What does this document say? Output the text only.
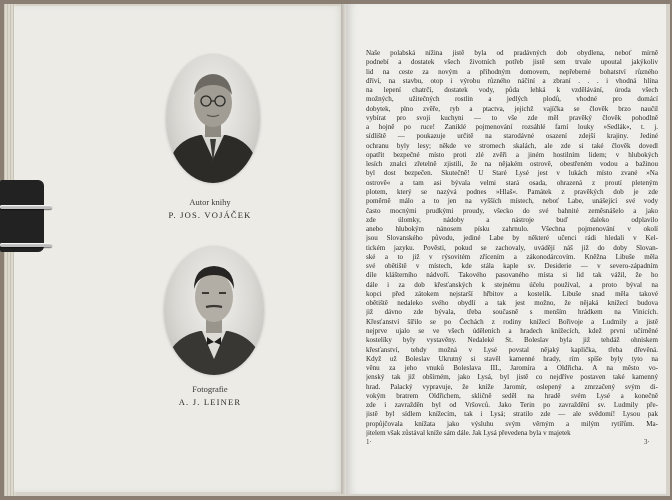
Autor knihy
P. JOS. VOJÁČEK
Fotografie
A. J. LEINER
1·	3·
Naše polabská nížina jistě byla od pradávných dob obydlena, neboť mírně
podnebí a dostatek všech životních potřeb jistě sem trvale upoutal jakýkoliv
lid na ceste za novým a přihodným domovem, nepřeberné bohatství různého
dříví, na stavbu, otop i výrobu různého náčiní a zbraní . . . i vhodná hlína
na lepení chatrčí, dostatek vody, půda lehká k vzdělávání, úroda všech
možných, užitečných rostlin a jedlých plodů, vhodné pro domácí
dobytek, plno zvěře, ryb a ptactva, jejichž vajíčka se člověk brzo naučil
vybírat pro svoji kuchyni — to vše zde měl pravěký člověk pohodlně
a hojně po ruce! Zaniklé pojmenování rozsáhlé farní louky »Sedlák«, t. j.
sídliště — poukazuje určitě na starodávné osazení zdejší krajiny. Jediné
ochranu byly lesy; někde ve stromech skalách, ale zde si také člověk dovedl
opatřit bezpečné místo proti zlé zvěři a jiném hostilním lidem; v hlubokých
lesích znalci zřetelně zjistili, že na nějakém ostrově, obestřeném vodou a bažinou
byl dost bezpečen. Skutečně! U Staré Lysé jest v lukách místo zvané »Na
ostrově« a tam asi bývala velmi stará osada, ohrazená z proutí pleteným
plotem, který se nazývá podnes »Hlaš«. Památek z pravěkých dob je zde
poměrně málo a to jen na vyšších místech, neboť Labe, unášející své vody
často mocnými prudkými proudy, všecko do své bahnité zeměsnášelo a jako
zde úlomky, nádoby a nástroje buď daleko odplavilo
anebo hlubokým nánosem písku zahrnulo. Všechna pojmenování v okolí
jsou Slovanského původu, jediné Labe by některé učenci rádi hledali v Kel-
tickém jazyku. Pověsti, pokud se zachovaly, uvádějí náš již do doby Slovan-
ské a to již v rýsovitém zřícením a zákonodárcovím. Kněžna Libuše měla
své obětiště v místech, kde stála kaple sv. Desiderie — v severo-západním
díle klášterního nádvoří. Takového pasovaného místa si lid tak vážil, že ho
dále i za dob křesťanských k stejnému účelu používal, a proto býval na
kopci před zátokem nejstarší hřbitov a kostelík. Libuše snad měla takové
obětiště nedaleko svého obydlí a tak jest možno, že nějaká knížecí budova
již dávno zde bývala, třeba současně s menším hrádkem na Vinicích.
Křesťanství šířilo se po Čechách z rodiny knížecí Bořivoje a Ludmily a jistě
nejprve ujalo se ve všech úděleních a hradech knížecích, kdež první učírněné
kostelíky byly vystavěny. Nedaleké St. Boleslav byla již tehdáž ohniskem
křesťanství, tehdy možná v Lysé povstal nějaký kaplička, třeba dřevěná.
Když už Boleslav Ukrutný si stavěl kamenné hrady, rím spíše byly tyto na
věnu za jeho vnuků Boleslava III., Jaromíra a Oldřicha. A na město vo-
jenský tak již obšírném, jako Lysá, byl jistě co nejdříve postaven také kamenný
hrad. Palacký vypravuje, že kníže Jaromír, oslepený a zmrzačený svým di-
vokým bratrem Oldřichem, skličně seděl na hradě svém Lysé a konečně
zde i zavražděn byl od Vršovců. Jako Terin po zavraždění sv. Ludmily pře-
jistě byl sídlem knížecím, tak i Lysá; stratilo zde — ale svědomí! Lysou pak
propůjčovala knížata jako výsluhu svým věrným a milým rytířům. Ma-
jitelem však zůstával kníže sám dále. Jak Lysá převedena byla v majetek
